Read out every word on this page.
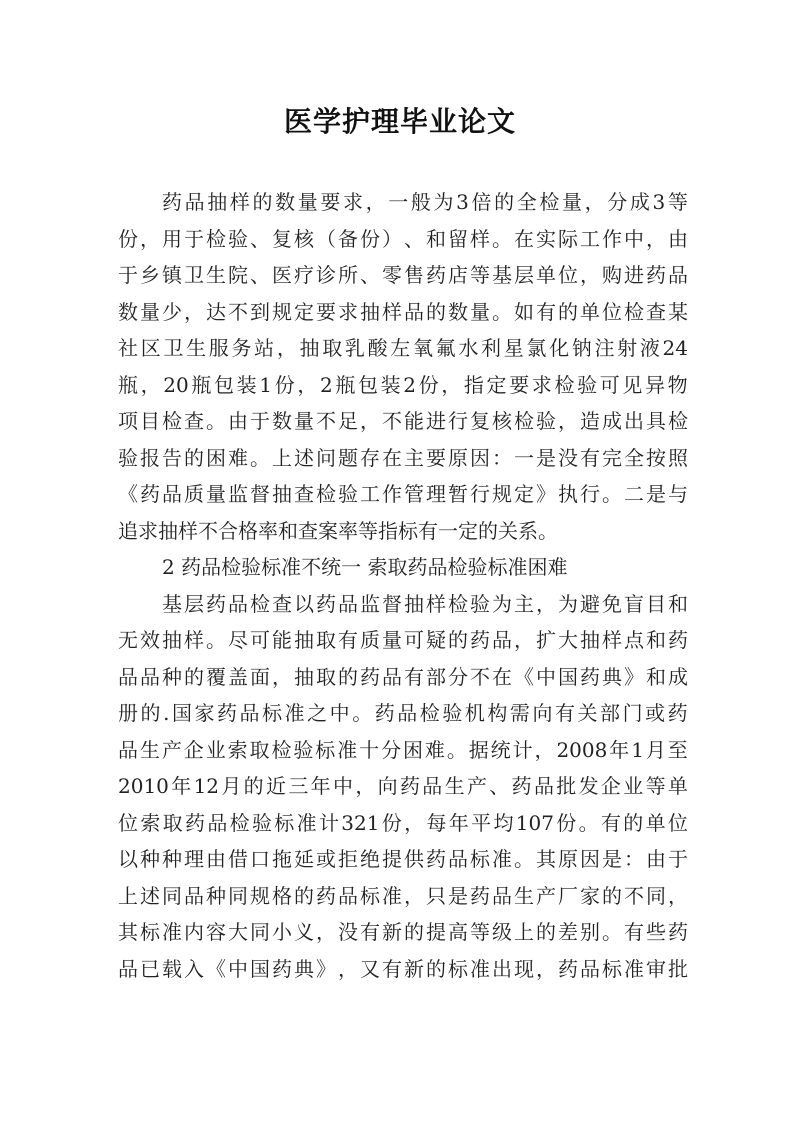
医学护理毕业论文
药 品 抽 样 的 数 量 要 求 ， 一 般 为 3 倍 的 全 检 量 ， 分 成 3 等
份 ， 用 于 检 验 、 复 核 （ 备 份 ） 、 和 留 样 。 在 实 际 工 作 中 ， 由
于 乡 镇 卫 生 院 、 医 疗 诊 所 、 零 售 药 店 等 基 层 单 位 ， 购 进 药 品
数 量 少 ， 达 不 到 规 定 要 求 抽 样 品 的 数 量 。 如 有 的 单 位 检 查 某
社 区 卫 生 服 务 站 ， 抽 取 乳 酸 左 氧 氟 水 利 星 氯 化 钠 注 射 液 24
瓶 ， 20 瓶 包 装 1 份 ， 2 瓶 包 装 2 份 ， 指 定 要 求 检 验 可 见 异 物
项 目 检 查 。 由 于 数 量 不 足 ， 不 能 进 行 复 核 检 验 ， 造 成 出 具 检
验 报 告 的 困 难 。 上 述 问 题 存 在 主 要 原 因 ： 一 是 没 有 完 全 按 照
《 药 品 质 量 监 督 抽 查 检 验 工 作 管 理 暂 行 规 定 》 执 行 。 二 是 与
追求抽样不合格率和查案率等指标有一定的关系。
2 药品检验标准不统一 索取药品检验标准困难
基 层 药 品 检 查 以 药 品 监 督 抽 样 检 验 为 主 ， 为 避 免 盲 目 和
无 效 抽 样 。 尽 可 能 抽 取 有 质 量 可 疑 的 药 品 ， 扩 大 抽 样 点 和 药
品 品 种 的 覆 盖 面 ， 抽 取 的 药 品 有 部 分 不 在 《 中 国 药 典 》 和 成
册 的 . 国 家 药 品 标 准 之 中 。 药 品 检 验 机 构 需 向 有 关 部 门 或 药
品 生 产 企 业 索 取 检 验 标 准 十 分 困 难 。 据 统 计 ， 2008 年 1 月 至
2010 年 12 月 的 近 三 年 中 ， 向 药 品 生 产 、 药 品 批 发 企 业 等 单
位 索 取 药 品 检 验 标 准 计 321 份 ， 每 年 平 均 107 份 。 有 的 单 位
以 种 种 理 由 借 口 拖 延 或 拒 绝 提 供 药 品 标 准 。 其 原 因 是 ： 由 于
上 述 同 品 种 同 规 格 的 药 品 标 准 ， 只 是 药 品 生 产 厂 家 的 不 同 ，
其 标 准 内 容 大 同 小 义 ， 没 有 新 的 提 高 等 级 上 的 差 别 。 有 些 药
品 已 载 入 《 中 国 药 典 》 ， 又 有 新 的 标 准 出 现 ， 药 品 标 准 审 批
